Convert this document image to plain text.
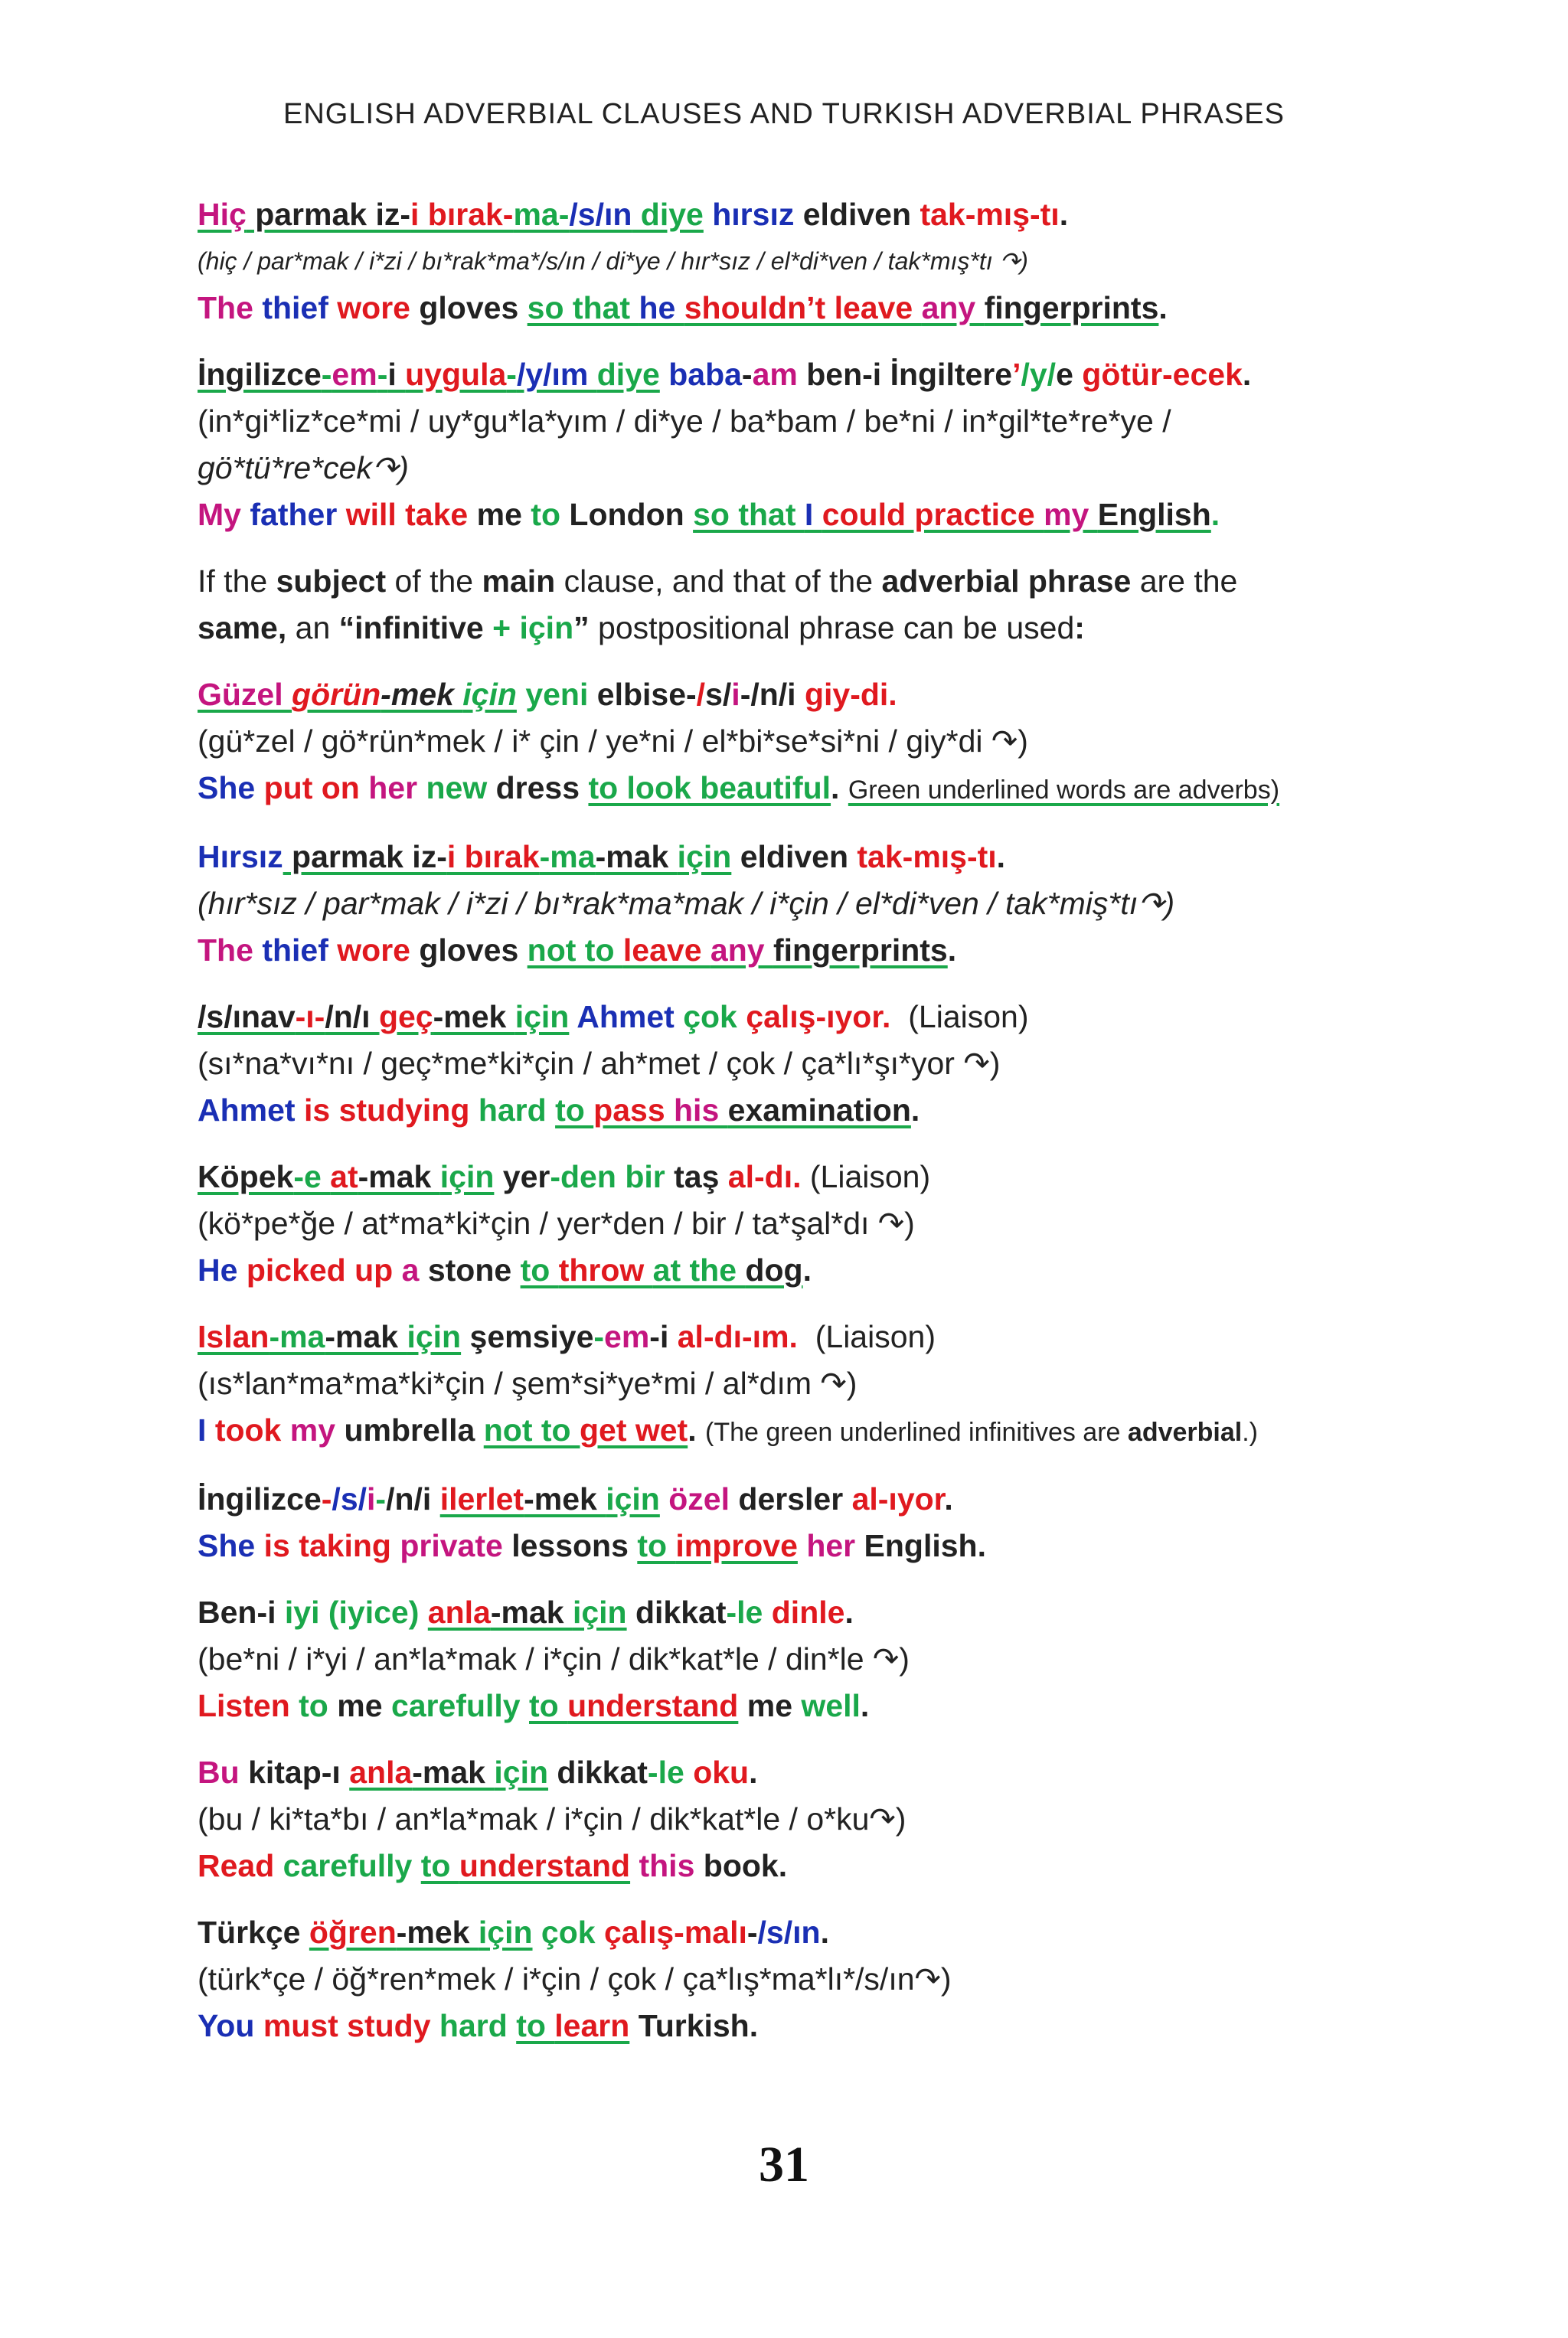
ENGLISH ADVERBIAL CLAUSES AND TURKISH ADVERBIAL PHRASES
Hiç parmak iz-i bırak-ma-/s/ın diye hırsız eldiven tak-mış-tı.
(hiç / par*mak / i*zi / bı*rak*ma*/s/ın / di*ye / hır*sız / el*di*ven / tak*mış*tı ↷)
The thief wore gloves so that he shouldn’t leave any fingerprints.
İngilizce-em-i uygula-/y/ım diye baba-am ben-i İngiltere’/y/e götür-ecek.
(in*gi*liz*ce*mi / uy*gu*la*yım / di*ye / ba*bam / be*ni / in*gil*te*re*ye /
gö*tü*re*cek↷)
My father will take me to London so that I could practice my English.
If the subject of the main clause, and that of the adverbial phrase are the
same, an “infinitive + için” postpositional phrase can be used:
Güzel görün-mek için yeni elbise-/s/i-/n/i giy-di.
(gü*zel / gö*rün*mek / i* çin / ye*ni / el*bi*se*si*ni / giy*di ↷)
She put on her new dress to look beautiful. Green underlined words are adverbs)
Hırsız parmak iz-i bırak-ma-mak için eldiven tak-mış-tı.
(hır*sız / par*mak / i*zi / bı*rak*ma*mak / i*çin / el*di*ven / tak*miş*tı↷)
The thief wore gloves not to leave any fingerprints.
/s/ınav-ı-/n/ı geç-mek için Ahmet çok çalış-ıyor. (Liaison)
(sı*na*vı*nı / geç*me*ki*çin / ah*met / çok / ça*lı*şı*yor ↷)
Ahmet is studying hard to pass his examination.
Köpek-e at-mak için yer-den bir taş al-dı. (Liaison)
(kö*pe*ğe / at*ma*ki*çin / yer*den / bir / ta*şal*dı ↷)
He picked up a stone to throw at the dog.
Islan-ma-mak için şemsiye-em-i al-dı-ım. (Liaison)
(ıs*lan*ma*ma*ki*çin / şem*si*ye*mi / al*dım ↷)
I took my umbrella not to get wet. (The green underlined infinitives are adverbial.)
İngilizce-/s/i-/n/i ilerlet-mek için özel dersler al-ıyor.
She is taking private lessons to improve her English.
Ben-i iyi (iyice) anla-mak için dikkat-le dinle.
(be*ni / i*yi / an*la*mak / i*çin / dik*kat*le / din*le ↷)
Listen to me carefully to understand me well.
Bu kitap-ı anla-mak için dikkat-le oku.
(bu / ki*ta*bı / an*la*mak / i*çin / dik*kat*le / o*ku↷)
Read carefully to understand this book.
Türkçe öğren-mek için çok çalış-malı-/s/ın.
(türk*çe / öğ*ren*mek / i*çin / çok / ça*lış*ma*lı*/s/ın↷)
You must study hard to learn Turkish.
31
